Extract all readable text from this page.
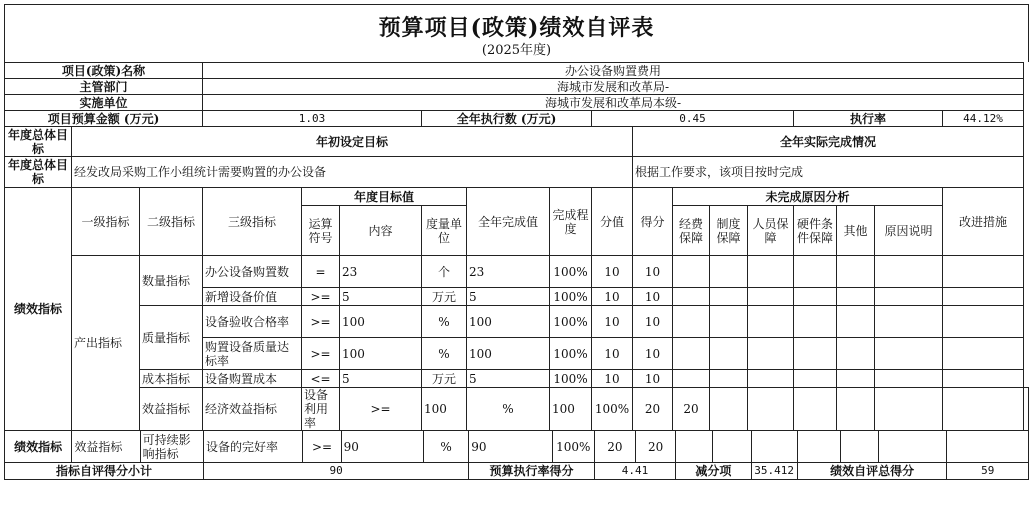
预算项目(政策)绩效自评表
(2025年度)
项目(政策)名称			办公设备购置费用															
主管部门			海城市发展和改革局-															
实施单位			海城市发展和改革局本级-															
项目预算金额 (万元)			1.03			全年执行数 (万元)			0.45					执行率			44.12%	
年度总体目标	年初设定目标									全年实际完成情况								
年度总体目标	经发改局采购工作小组统计需要购置的办公设备									根据工作要求，该项目按时完成								
绩效指标	一级指标	二级指标	三级指标	年度目标值			全年完成值	完成程度	分值	得分	未完成原因分析						改进措施	
				运算符号	内容	度量单位					经费保障	制度保障	人员保障	硬件条件保障	其他	原因说明		
	产出指标	数量指标	办公设备购置数	=	23	个	23	100%	10	10								
			新增设备价值	>=	5	万元	5	100%	10	10								
		质量指标	设备验收合格率	>=	100	%	100	100%	10	10								
			购置设备质量达标率	>=	100	%	100	100%	10	10								
		成本指标	设备购置成本	<=	5	万元	5	100%	10	10								
		效益指标	经济效益指标	设备利用率	>=	100	%	100	100%	20	20							
绩效指标	效益指标	可持续影响指标	设备的完好率	>=	90	%	90	100%	20	20							
指标自评得分小计			90				预算执行率得分		4.41		减分项		35.412	绩效自评总得分			59
